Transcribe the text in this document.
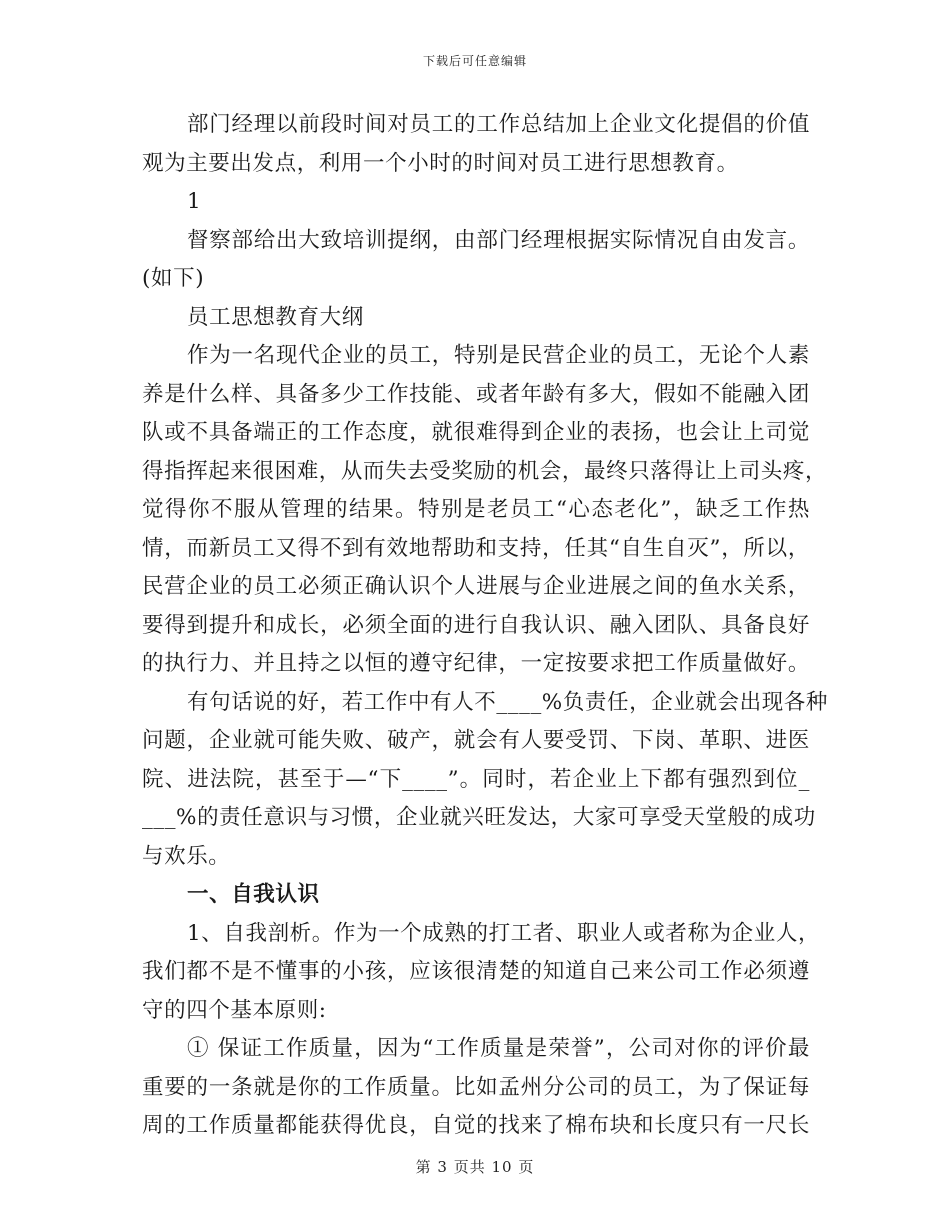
下载后可任意编辑
部门经理以前段时间对员工的工作总结加上企业文化提倡的价值
观为主要出发点，利用一个小时的时间对员工进行思想教育。
1
督察部给出大致培训提纲，由部门经理根据实际情况自由发言。
(如下)
员工思想教育大纲
作为一名现代企业的员工，特别是民营企业的员工，无论个人素
养是什么样、具备多少工作技能、或者年龄有多大，假如不能融入团
队或不具备端正的工作态度，就很难得到企业的表扬，也会让上司觉
得指挥起来很困难，从而失去受奖励的机会，最终只落得让上司头疼，
觉得你不服从管理的结果。特别是老员工“心态老化”，缺乏工作热
情，而新员工又得不到有效地帮助和支持，任其“自生自灭”，所以，
民营企业的员工必须正确认识个人进展与企业进展之间的鱼水关系，
要得到提升和成长，必须全面的进行自我认识、融入团队、具备良好
的执行力、并且持之以恒的遵守纪律，一定按要求把工作质量做好。
有句话说的好，若工作中有人不____%负责任，企业就会出现各种
问题，企业就可能失败、破产，就会有人要受罚、下岗、革职、进医
院、进法院，甚至于—“下____”。同时，若企业上下都有强烈到位_
___%的责任意识与习惯，企业就兴旺发达，大家可享受天堂般的成功
与欢乐。
一、自我认识
1、自我剖析。作为一个成熟的打工者、职业人或者称为企业人，
我们都不是不懂事的小孩，应该很清楚的知道自己来公司工作必须遵
守的四个基本原则:
① 保证工作质量，因为“工作质量是荣誉”，公司对你的评价最
重要的一条就是你的工作质量。比如孟州分公司的员工，为了保证每
周的工作质量都能获得优良，自觉的找来了棉布块和长度只有一尺长
第 3 页共 10 页
